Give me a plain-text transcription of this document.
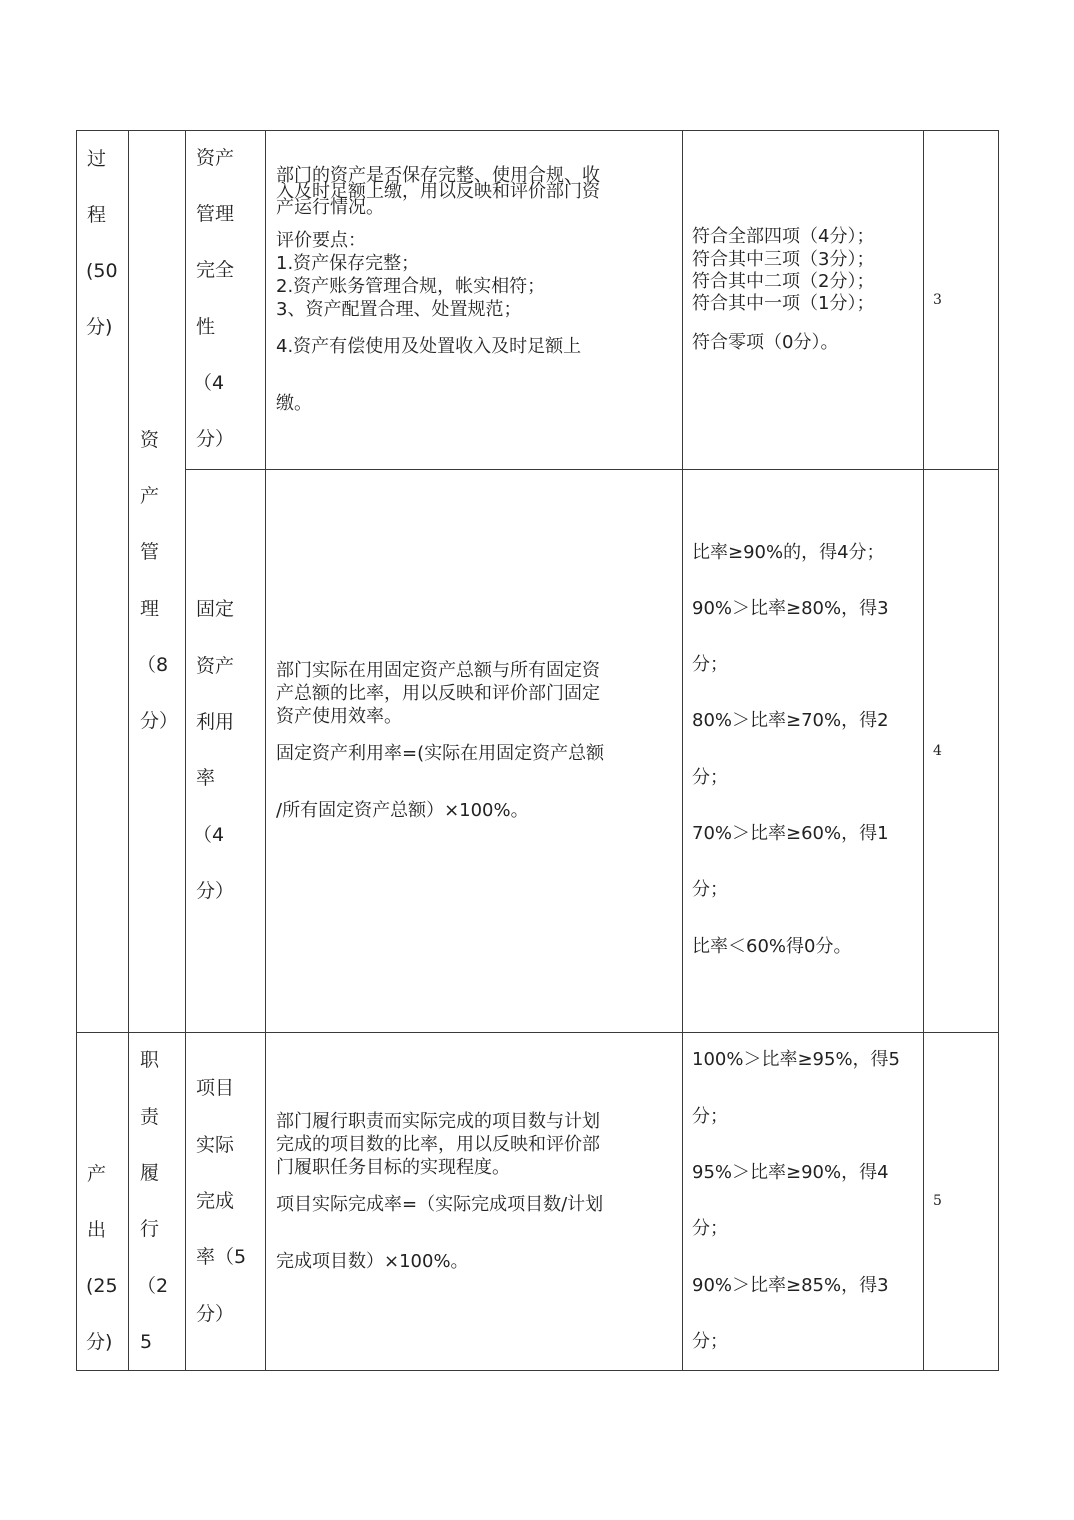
过
程
(50
分)
产
出
(25
分)
资
产
管
理
（8
分）
职
责
履
行
（2
5
资产
管理
完全
性
（4
分）
部门的资产是否保存完整、使用合规、收
入及时足额上缴，用以反映和评价部门资
产运行情况。
评价要点：
1.资产保存完整；
2.资产账务管理合规，帐实相符；
3、资产配置合理、处置规范；
4.资产有偿使用及处置收入及时足额上
缴。
符合全部四项（4分）；
符合其中三项（3分）；
符合其中二项（2分）；
符合其中一项（1分）；
符合零项（0分）。
3
固定
资产
利用
率
（4
分）
部门实际在用固定资产总额与所有固定资
产总额的比率，用以反映和评价部门固定
资产使用效率。
固定资产利用率=(实际在用固定资产总额
/所有固定资产总额）×100%。
比率≥90%的，得4分；
90%＞比率≥80%，得3
分；
80%＞比率≥70%，得2
分；
70%＞比率≥60%，得1
分；
比率＜60%得0分。
4
项目
实际
完成
率（5
分）
部门履行职责而实际完成的项目数与计划
完成的项目数的比率，用以反映和评价部
门履职任务目标的实现程度。
项目实际完成率=（实际完成项目数/计划
完成项目数）×100%。
100%＞比率≥95%，得5
分；
95%＞比率≥90%，得4
分；
90%＞比率≥85%，得3
分；
5
